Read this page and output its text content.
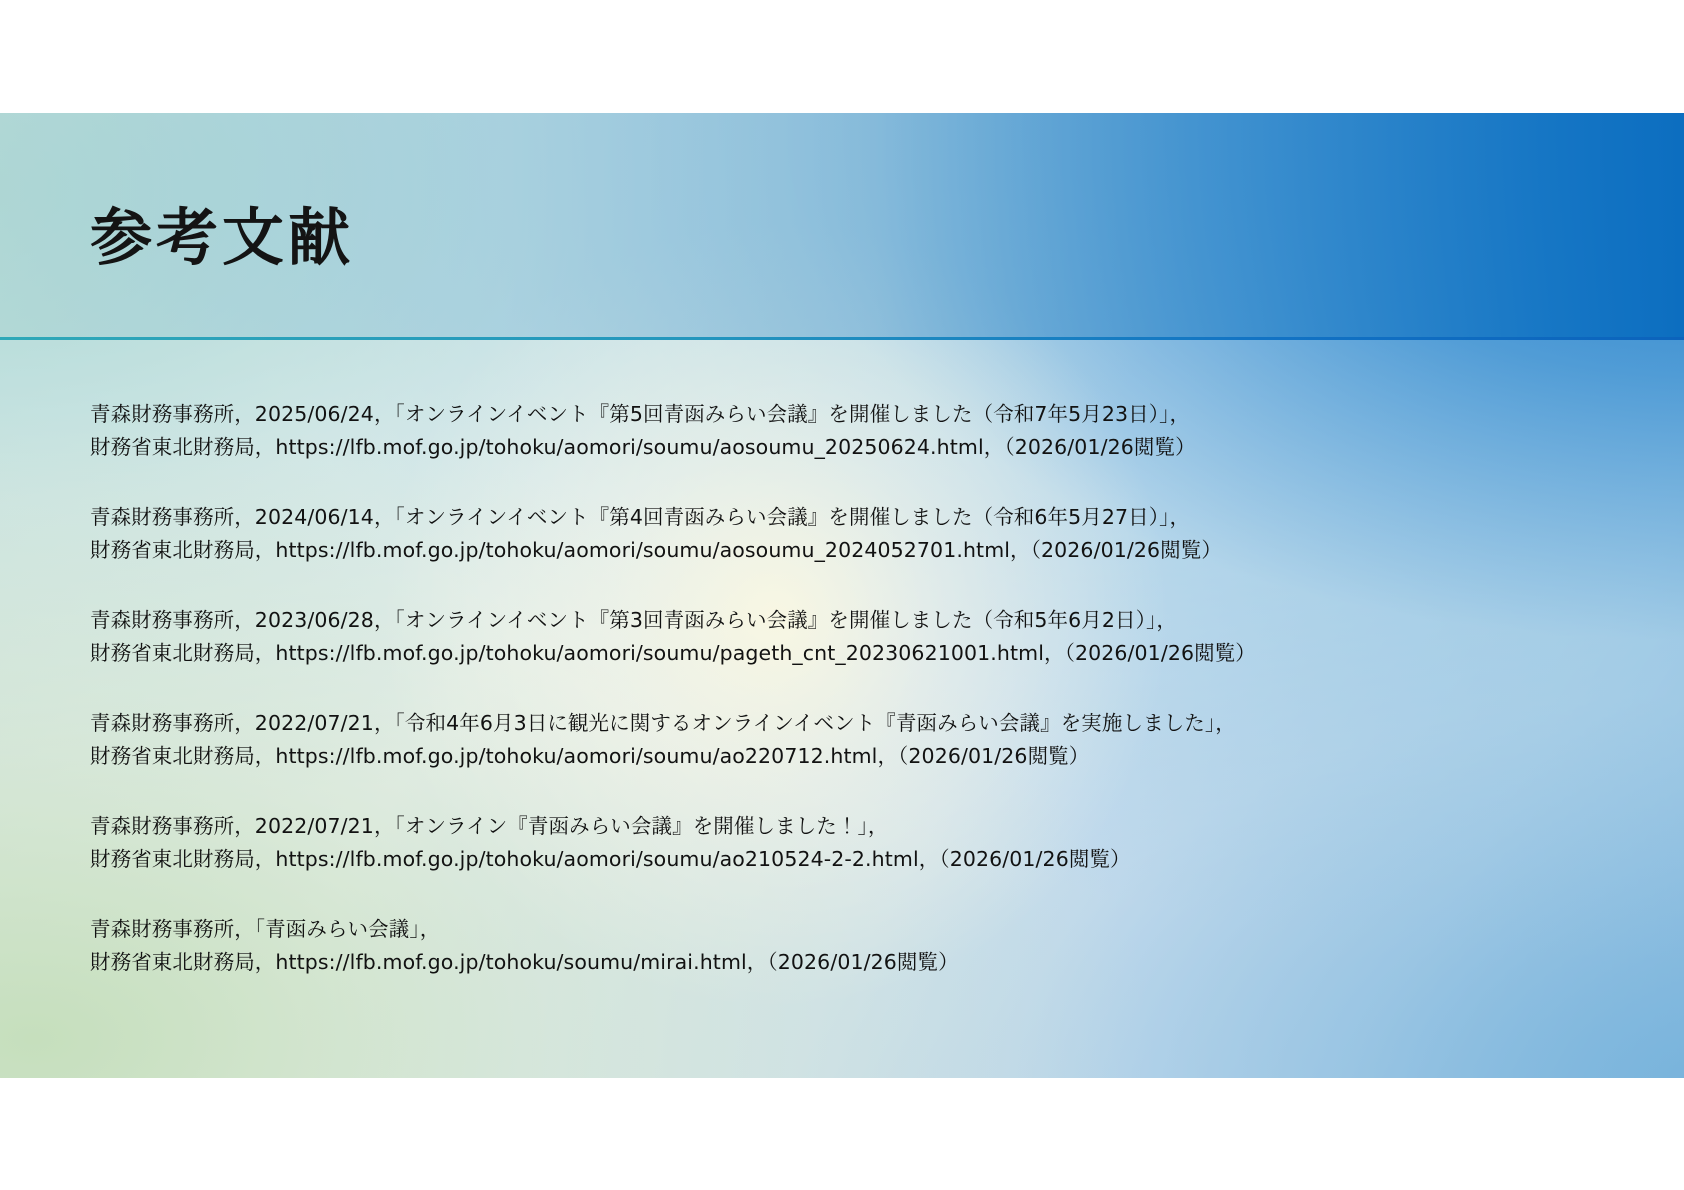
参考文献
青森財務事務所，2025/06/24，「オンラインイベント『第5回青函みらい会議』を開催しました（令和7年5月23日）」，
財務省東北財務局，https://lfb.mof.go.jp/tohoku/aomori/soumu/aosoumu_20250624.html，（2026/01/26閲覧）
青森財務事務所，2024/06/14，「オンラインイベント『第4回青函みらい会議』を開催しました（令和6年5月27日）」，
財務省東北財務局，https://lfb.mof.go.jp/tohoku/aomori/soumu/aosoumu_2024052701.html，（2026/01/26閲覧）
青森財務事務所，2023/06/28，「オンラインイベント『第3回青函みらい会議』を開催しました（令和5年6月2日）」，
財務省東北財務局，https://lfb.mof.go.jp/tohoku/aomori/soumu/pageth_cnt_20230621001.html，（2026/01/26閲覧）
青森財務事務所，2022/07/21，「令和4年6月3日に観光に関するオンラインイベント『青函みらい会議』を実施しました」，
財務省東北財務局，https://lfb.mof.go.jp/tohoku/aomori/soumu/ao220712.html，（2026/01/26閲覧）
青森財務事務所，2022/07/21，「オンライン『青函みらい会議』を開催しました！」，
財務省東北財務局，https://lfb.mof.go.jp/tohoku/aomori/soumu/ao210524-2-2.html，（2026/01/26閲覧）
青森財務事務所，「青函みらい会議」，
財務省東北財務局，https://lfb.mof.go.jp/tohoku/soumu/mirai.html，（2026/01/26閲覧）
